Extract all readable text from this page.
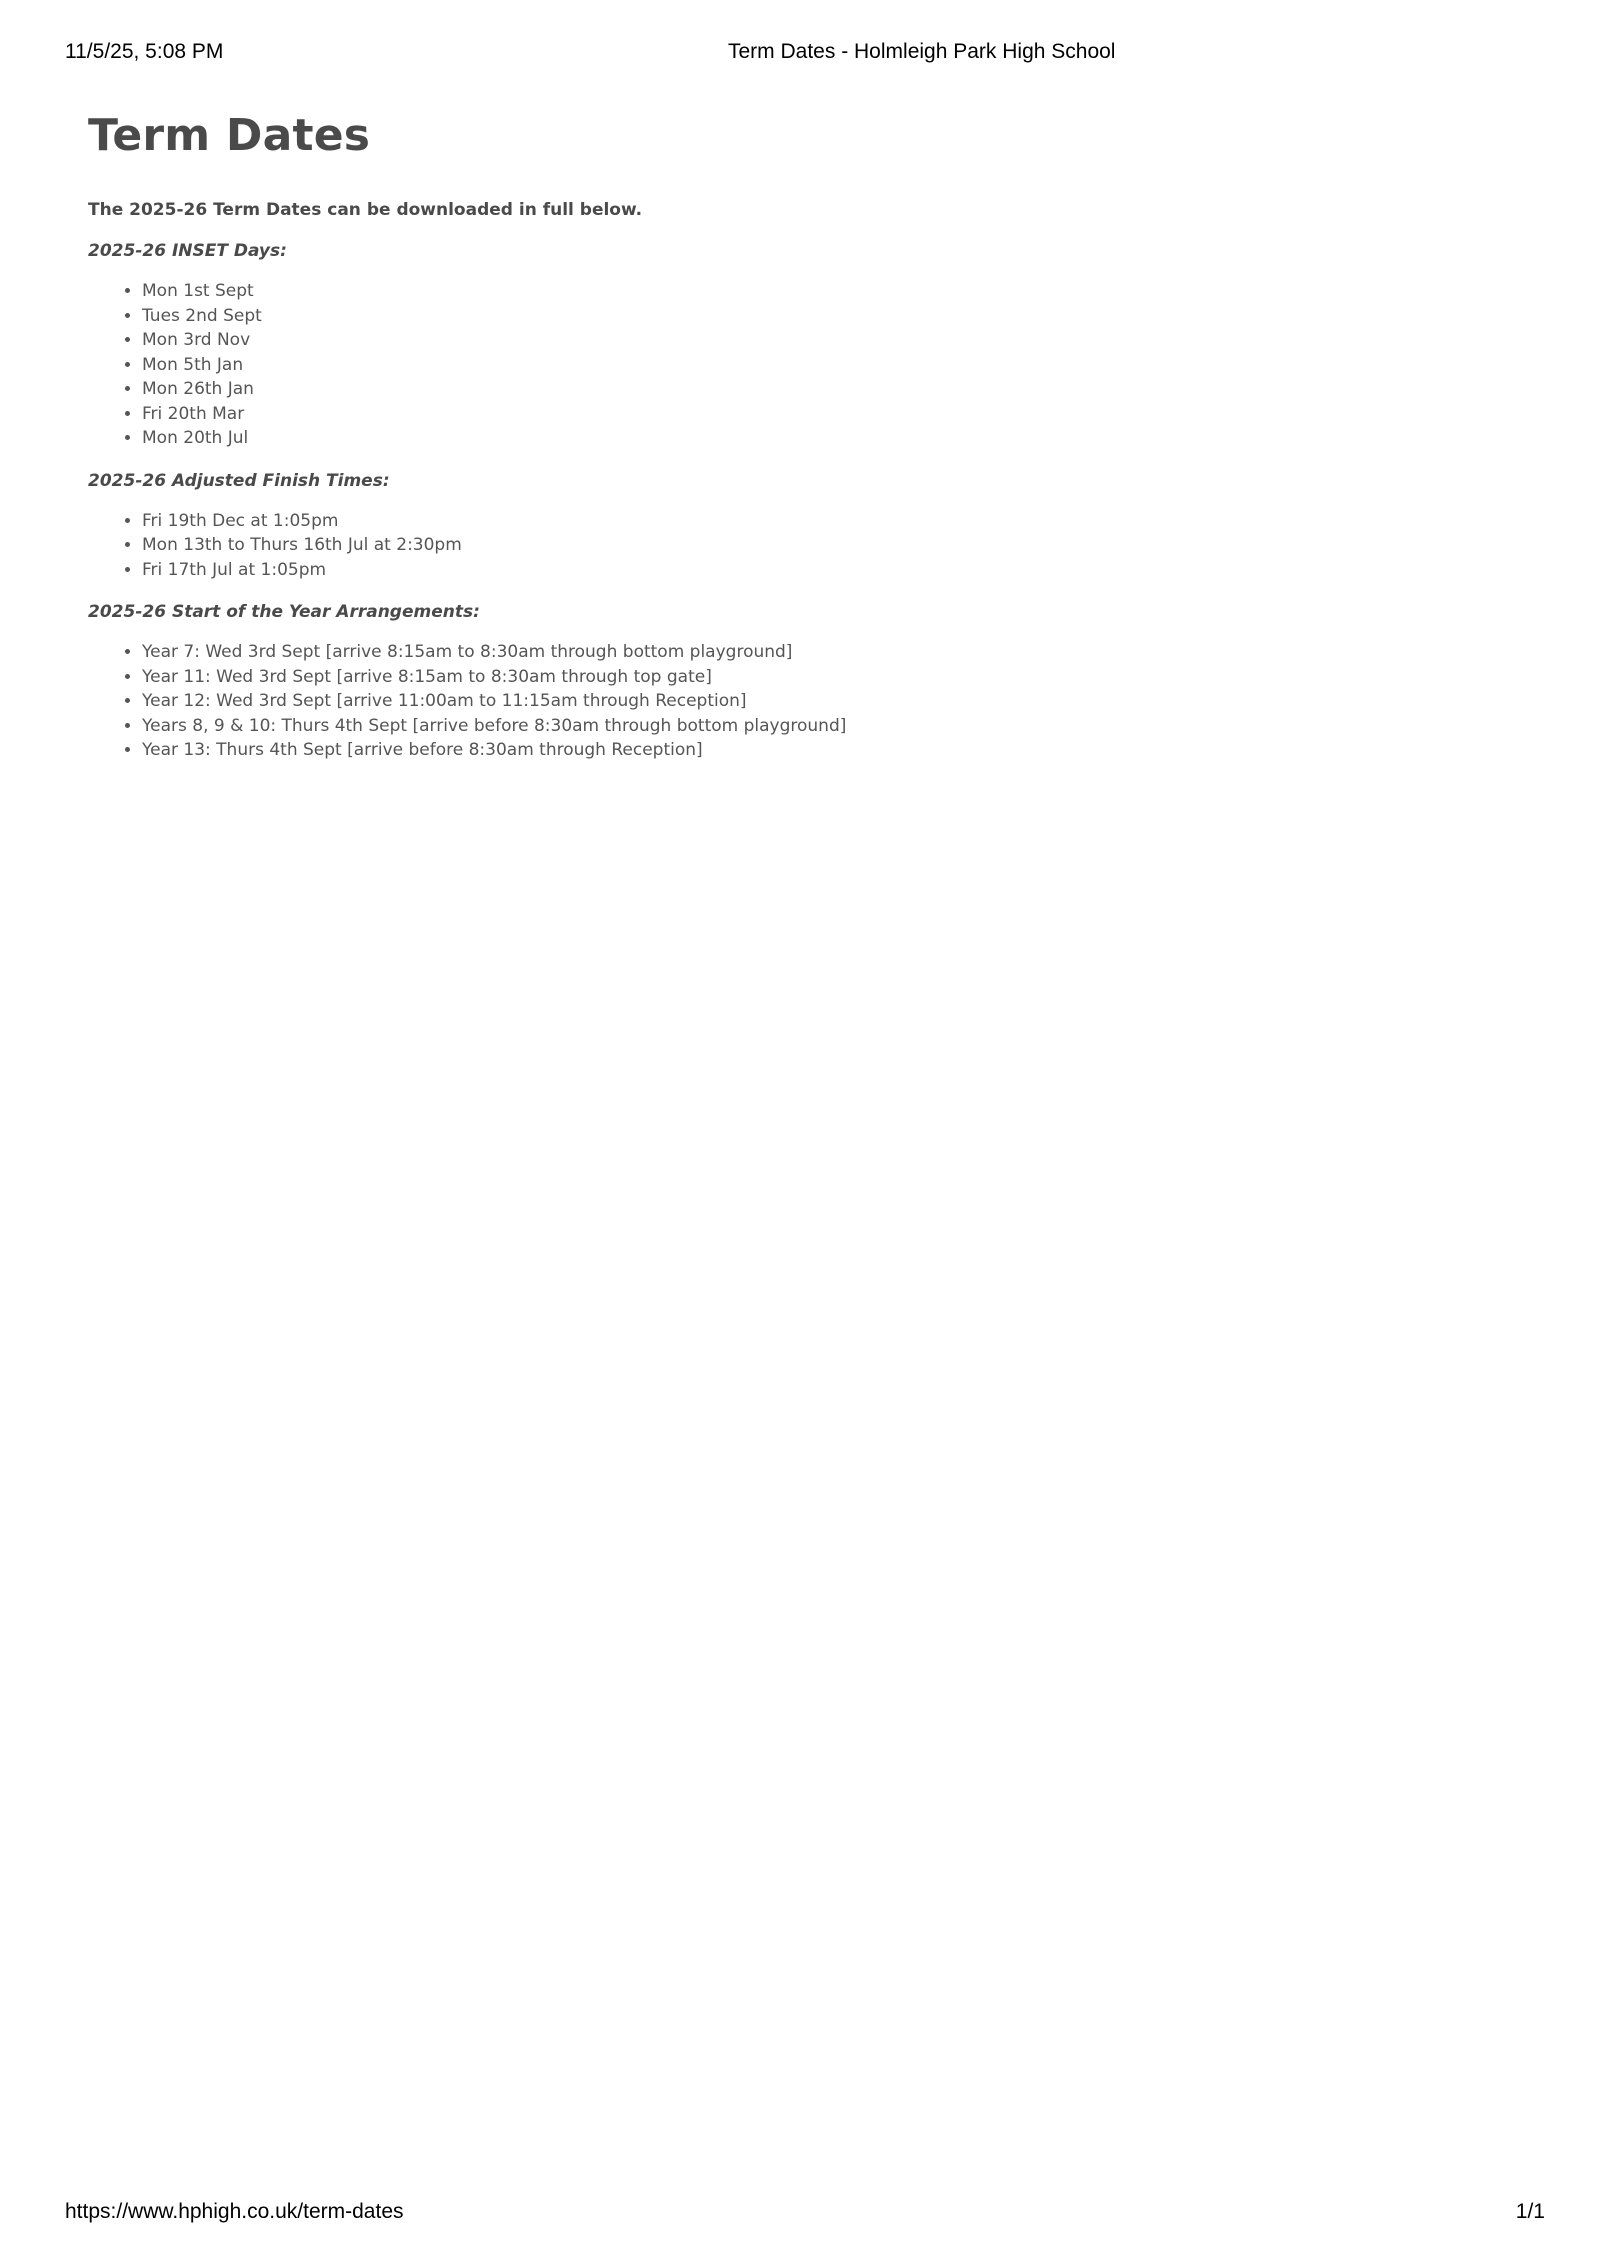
11/5/25, 5:08 PM	Term Dates - Holmleigh Park High School
Term Dates

The 2025-26 Term Dates can be downloaded in full below.

2025-26 INSET Days:

• Mon 1st Sept
• Tues 2nd Sept
• Mon 3rd Nov
• Mon 5th Jan
• Mon 26th Jan
• Fri 20th Mar
• Mon 20th Jul

2025-26 Adjusted Finish Times:

• Fri 19th Dec at 1:05pm
• Mon 13th to Thurs 16th Jul at 2:30pm
• Fri 17th Jul at 1:05pm

2025-26 Start of the Year Arrangements:

• Year 7: Wed 3rd Sept [arrive 8:15am to 8:30am through bottom playground]
• Year 11: Wed 3rd Sept [arrive 8:15am to 8:30am through top gate]
• Year 12: Wed 3rd Sept [arrive 11:00am to 11:15am through Reception]
• Years 8, 9 & 10: Thurs 4th Sept [arrive before 8:30am through bottom playground]
• Year 13: Thurs 4th Sept [arrive before 8:30am through Reception]
https://www.hphigh.co.uk/term-dates	1/1
